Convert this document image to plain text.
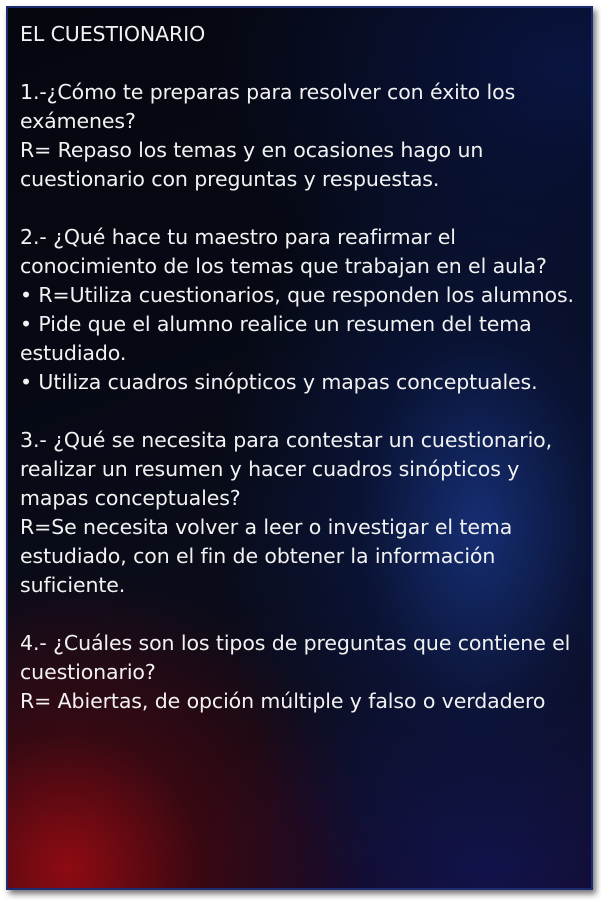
EL CUESTIONARIO
1.-¿Cómo te preparas para resolver con éxito los exámenes?
R= Repaso los temas y en ocasiones hago un cuestionario con preguntas y respuestas.
2.- ¿Qué hace tu maestro para reafirmar el conocimiento de los temas que trabajan en el aula?
• R=Utiliza cuestionarios, que responden los alumnos.
• Pide que el alumno realice un resumen del tema estudiado.
• Utiliza cuadros sinópticos y mapas conceptuales.
3.- ¿Qué se necesita para contestar un cuestionario, realizar un resumen y hacer cuadros sinópticos y mapas conceptuales?
R=Se necesita volver a leer o investigar el tema estudiado, con el fin de obtener la información suficiente.
4.- ¿Cuáles son los tipos de preguntas que contiene el cuestionario?
R= Abiertas, de opción múltiple y falso o verdadero
